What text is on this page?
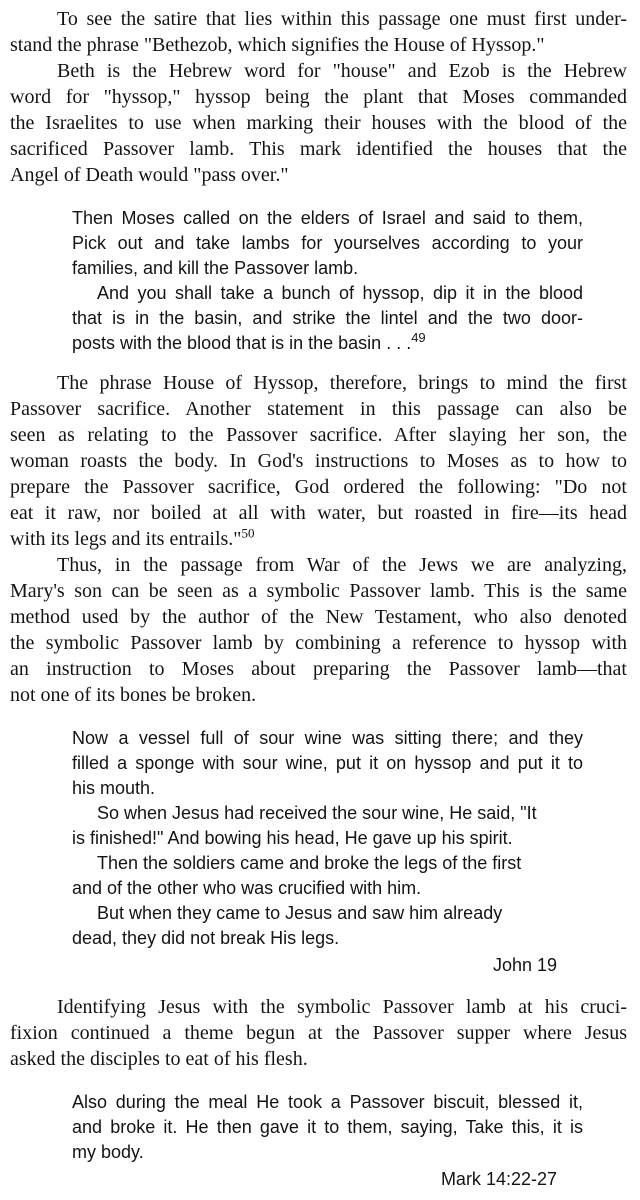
To see the satire that lies within this passage one must first under-
stand the phrase "Bethezob, which signifies the House of Hyssop."
Beth is the Hebrew word for "house" and Ezob is the Hebrew
word for "hyssop," hyssop being the plant that Moses commanded
the Israelites to use when marking their houses with the blood of the
sacrificed Passover lamb. This mark identified the houses that the
Angel of Death would "pass over."
Then Moses called on the elders of Israel and said to them,
Pick out and take lambs for yourselves according to your
families, and kill the Passover lamb.
And you shall take a bunch of hyssop, dip it in the blood
that is in the basin, and strike the lintel and the two door-
posts with the blood that is in the basin . . .$^{49}$
The phrase House of Hyssop, therefore, brings to mind the first
Passover sacrifice. Another statement in this passage can also be
seen as relating to the Passover sacrifice. After slaying her son, the
woman roasts the body. In God's instructions to Moses as to how to
prepare the Passover sacrifice, God ordered the following: "Do not
eat it raw, nor boiled at all with water, but roasted in fire—its head
with its legs and its entrails."$^{50}$
Thus, in the passage from War of the Jews we are analyzing,
Mary's son can be seen as a symbolic Passover lamb. This is the same
method used by the author of the New Testament, who also denoted
the symbolic Passover lamb by combining a reference to hyssop with
an instruction to Moses about preparing the Passover lamb—that
not one of its bones be broken.
Now a vessel full of sour wine was sitting there; and they
filled a sponge with sour wine, put it on hyssop and put it to
his mouth.
So when Jesus had received the sour wine, He said, "It
is finished!" And bowing his head, He gave up his spirit.
Then the soldiers came and broke the legs of the first
and of the other who was crucified with him.
But when they came to Jesus and saw him already
dead, they did not break His legs.
John 19
Identifying Jesus with the symbolic Passover lamb at his cruci-
fixion continued a theme begun at the Passover supper where Jesus
asked the disciples to eat of his flesh.
Also during the meal He took a Passover biscuit, blessed it,
and broke it. He then gave it to them, saying, Take this, it is
my body.
Mark 14:22-27
